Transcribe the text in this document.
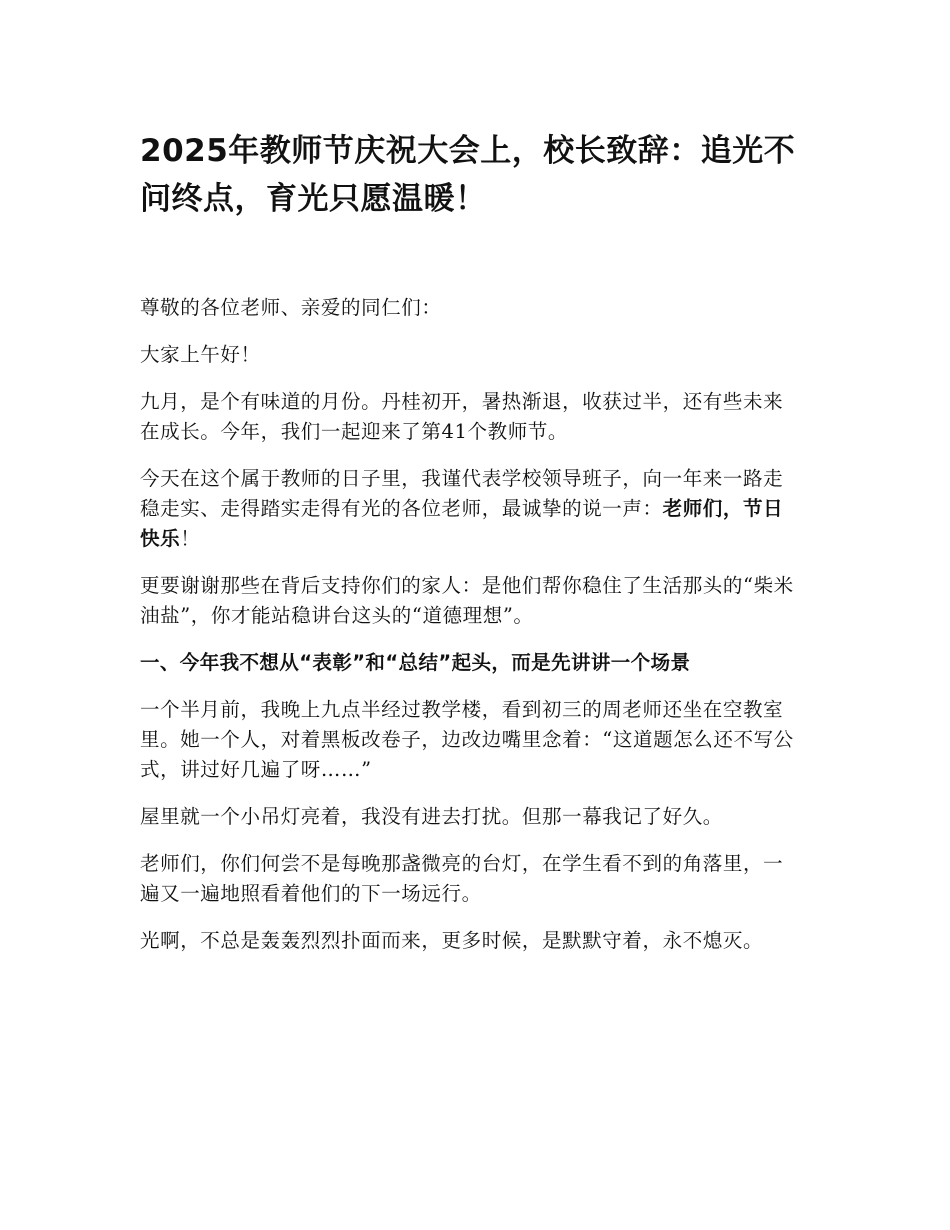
2025年教师节庆祝大会上，校长致辞：追光不问终点，育光只愿温暖！

尊敬的各位老师、亲爱的同仁们：

大家上午好！

九月，是个有味道的月份。丹桂初开，暑热渐退，收获过半，还有些未来在成长。今年，我们一起迎来了第41个教师节。

今天在这个属于教师的日子里，我谨代表学校领导班子，向一年来一路走稳走实、走得踏实走得有光的各位老师，最诚挚的说一声：老师们，节日快乐！

更要谢谢那些在背后支持你们的家人：是他们帮你稳住了生活那头的“柴米油盐”，你才能站稳讲台这头的“道德理想”。

一、今年我不想从“表彰”和“总结”起头，而是先讲讲一个场景

一个半月前，我晚上九点半经过教学楼，看到初三的周老师还坐在空教室里。她一个人，对着黑板改卷子，边改边嘴里念着：“这道题怎么还不写公式，讲过好几遍了呀……”

屋里就一个小吊灯亮着，我没有进去打扰。但那一幕我记了好久。

老师们，你们何尝不是每晚那盏微亮的台灯，在学生看不到的角落里，一遍又一遍地照看着他们的下一场远行。

光啊，不总是轰轰烈烈扑面而来，更多时候，是默默守着，永不熄灭。
